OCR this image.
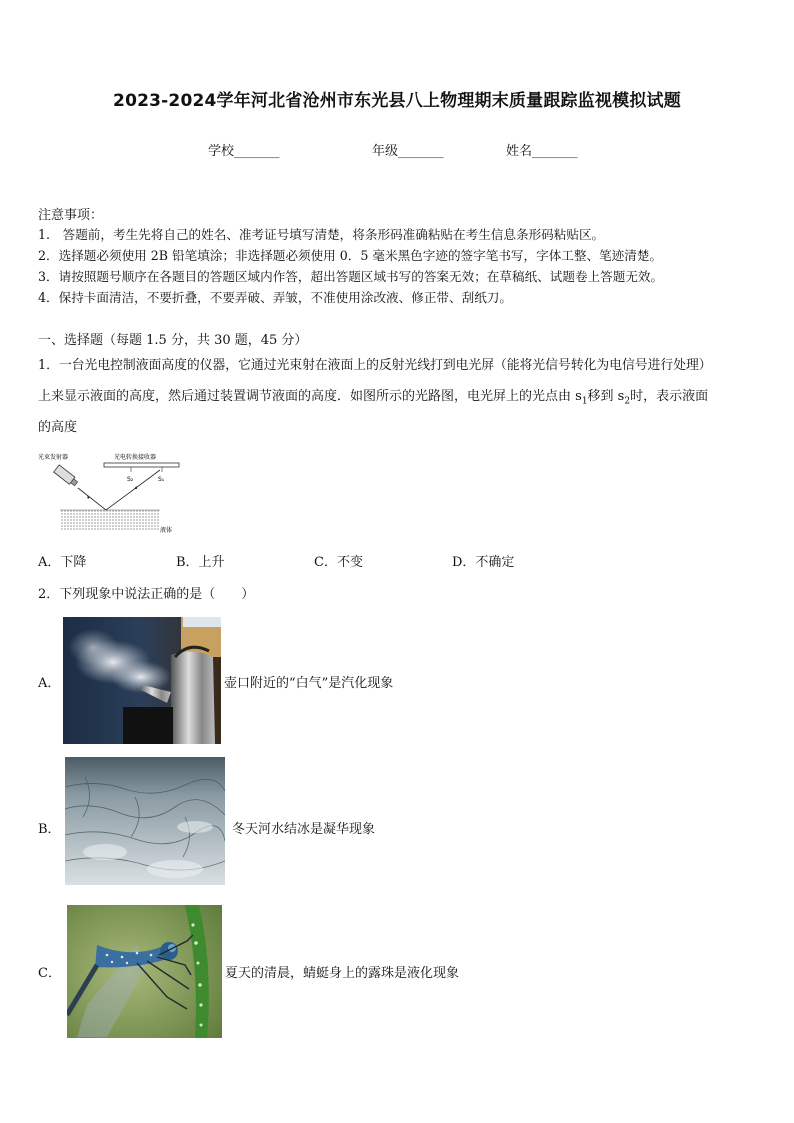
2023-2024学年河北省沧州市东光县八上物理期末质量跟踪监视模拟试题
学校_______	年级_______	姓名_______
注意事项：
1.　答题前，考生先将自己的姓名、准考证号填写清楚，将条形码准确粘贴在考生信息条形码粘贴区。
2．选择题必须使用 2B 铅笔填涂；非选择题必须使用 0．5 毫米黑色字迹的签字笔书写，字体工整、笔迹清楚。
3．请按照题号顺序在各题目的答题区域内作答，超出答题区域书写的答案无效；在草稿纸、试题卷上答题无效。
4．保持卡面清洁，不要折叠，不要弄破、弄皱，不准使用涂改液、修正带、刮纸刀。
一、选择题（每题 1.5 分，共 30 题，45 分）
1．一台光电控制液面高度的仪器，它通过光束射在液面上的反射光线打到电光屏（能将光信号转化为电信号进行处理）
上来显示液面的高度，然后通过装置调节液面的高度．如图所示的光路图，电光屏上的光点由 $s_1$移到 $s_2$时，表示液面
的高度
光束发射器	光电转换接收器
S₂	S₁
液体
A．下降	B．上升	C．不变	D．不确定
2．下列现象中说法正确的是（　　）
A．	壶口附近的“白气”是汽化现象
B．	冬天河水结冰是凝华现象
C．	夏天的清晨，蜻蜓身上的露珠是液化现象
